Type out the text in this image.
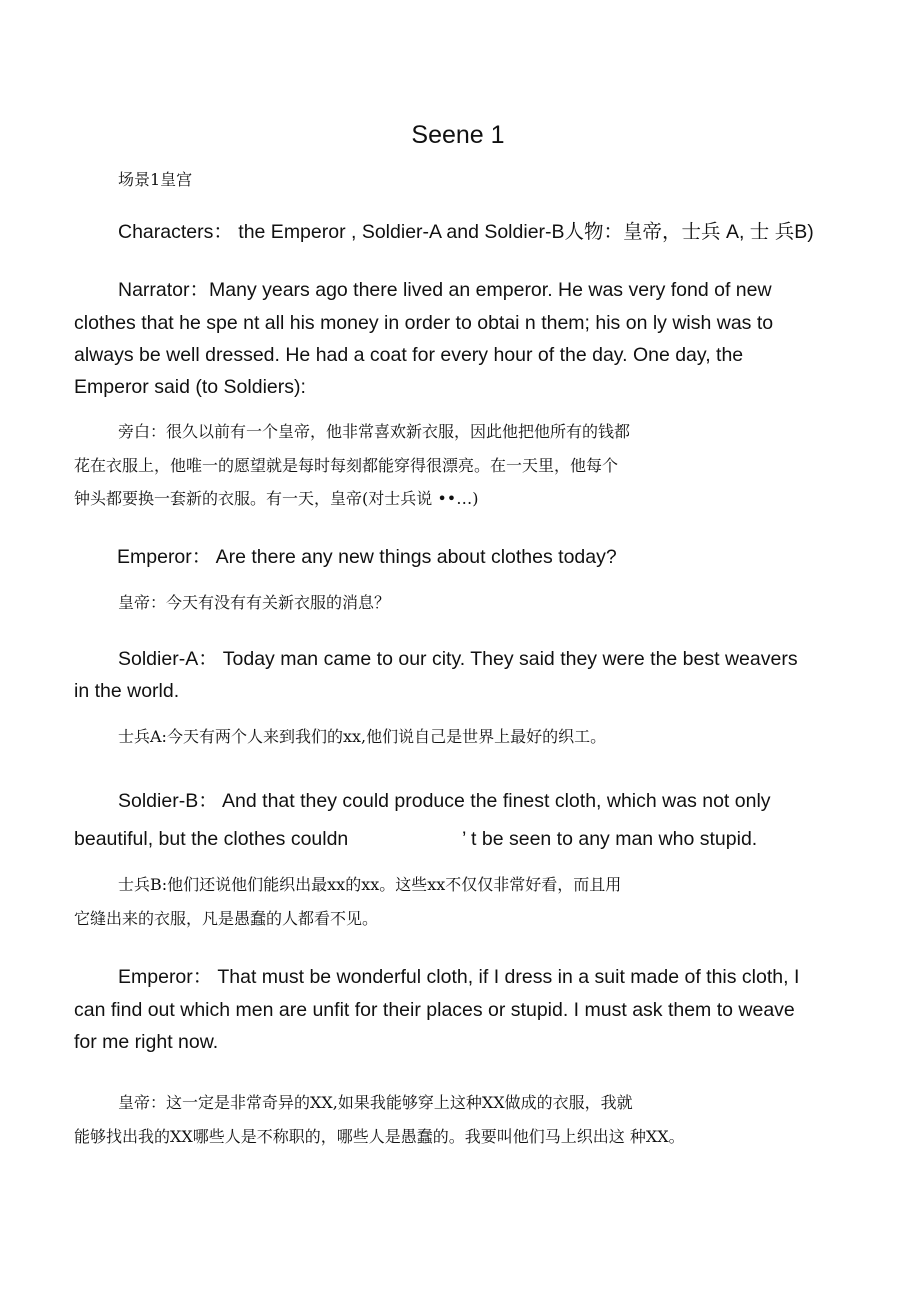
Seene 1
场景1皇宫
Characters： the Emperor , Soldier-A and Soldier-B人物：皇帝，士兵 A, 士 兵B)
Narrator：Many years ago there lived an emperor. He was very fond of new
clothes that he spe nt all his money in order to obtai n them; his on ly wish was to
always be well dressed. He had a coat for every hour of the day. One day, the
Emperor said (to Soldiers):
旁白：很久以前有一个皇帝，他非常喜欢新衣服，因此他把他所有的钱都
花在衣服上，他唯一的愿望就是每时每刻都能穿得很漂亮。在一天里，他每个
钟头都要换一套新的衣服。有一天，皇帝(对士兵说 ••…)
Emperor： Are there any new things about clothes today?
皇帝：今天有没有有关新衣服的消息？
Soldier-A： Today man came to our city. They said they were the best weavers
in the world.
士兵A:今天有两个人来到我们的xx,他们说自己是世界上最好的织工。
Soldier-B： And that they could produce the finest cloth, which was not only
beautiful, but the clothes couldn	’ t be seen to any man who stupid.
士兵B:他们还说他们能织出最xx的xx。这些xx不仅仅非常好看，而且用
它缝出来的衣服，凡是愚蠢的人都看不见。
Emperor： That must be wonderful cloth, if I dress in a suit made of this cloth, I
can find out which men are unfit for their places or stupid. I must ask them to weave
for me right now.
皇帝：这一定是非常奇异的XX,如果我能够穿上这种XX做成的衣服，我就
能够找出我的XX哪些人是不称职的，哪些人是愚蠢的。我要叫他们马上织出这 种XX。
